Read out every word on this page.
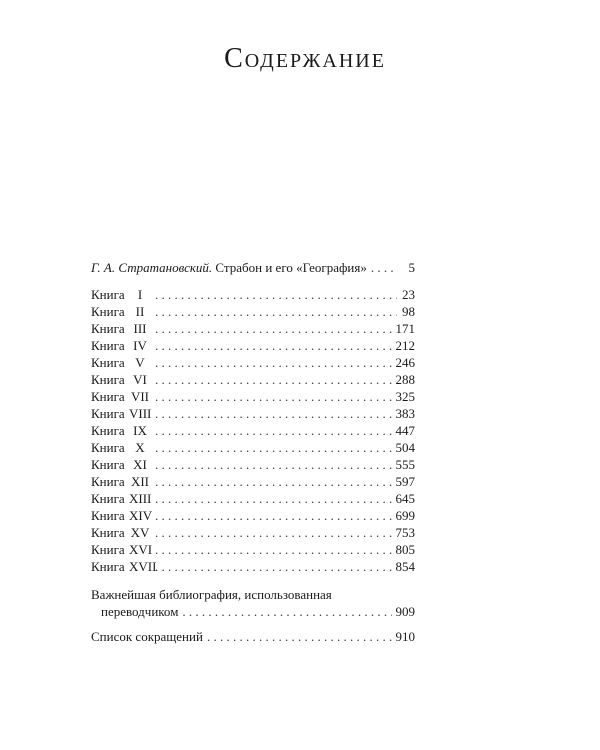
Содержание
Г. А. Стратановский. Страбон и его «География» . . .	5
Книга I . . .	23
Книга II . . .	98
Книга III . . .	171
Книга IV . . .	212
Книга V . . .	246
Книга VI . . .	288
Книга VII . . .	325
Книга VIII . . .	383
Книга IX . . .	447
Книга X . . .	504
Книга XI . . .	555
Книга XII . . .	597
Книга XIII . . .	645
Книга XIV . . .	699
Книга XV . . .	753
Книга XVI . . .	805
Книга XVII . . .	854
Важнейшая библиография, использованная
переводчиком . . .	909
Список сокращений . . .	910
